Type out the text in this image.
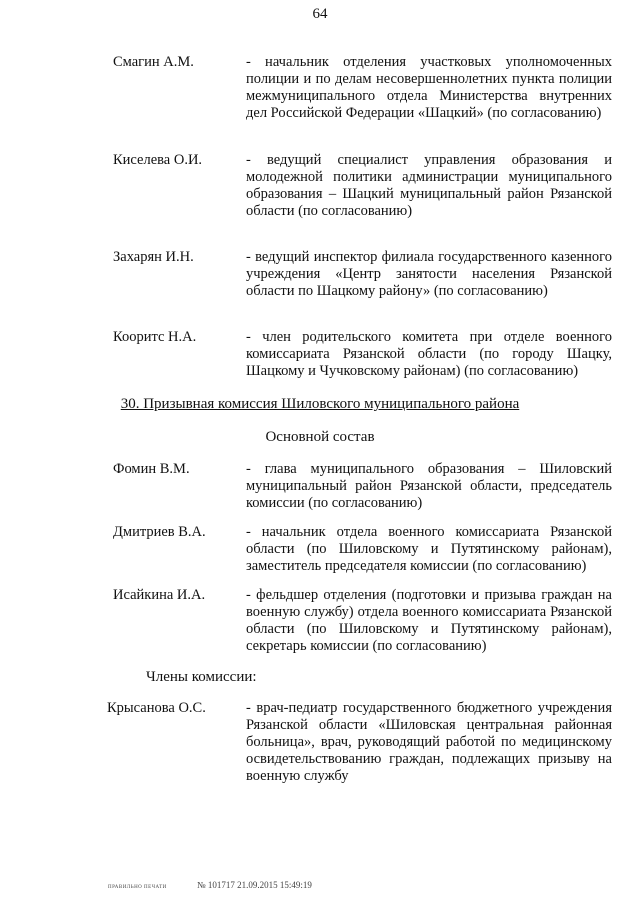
64
Смагин А.М.	- начальник отделения участковых уполномоченных полиции и по делам несовершеннолетних пункта полиции межмуниципального отдела Министерства внутренних дел Российской Федерации «Шацкий» (по согласованию)
Киселева О.И.	- ведущий специалист управления образования и молодежной политики администрации муниципального образования – Шацкий муниципальный район Рязанской области (по согласованию)
Захарян И.Н.	- ведущий инспектор филиала государственного казенного учреждения «Центр занятости населения Рязанской области по Шацкому району» (по согласованию)
Кооритс Н.А.	- член родительского комитета при отделе военного комиссариата Рязанской области (по городу Шацку, Шацкому и Чучковскому районам) (по согласованию)
30. Призывная комиссия Шиловского муниципального района
Основной состав
Фомин В.М.	- глава муниципального образования – Шиловский муниципальный район Рязанской области, председатель комиссии (по согласованию)
Дмитриев В.А.	- начальник отдела военного комиссариата Рязанской области (по Шиловскому и Путятинскому районам), заместитель председателя комиссии (по согласованию)
Исайкина И.А.	- фельдшер отделения (подготовки и призыва граждан на военную службу) отдела военного комиссариата Рязанской области (по Шиловскому и Путятинскому районам), секретарь комиссии (по согласованию)
Члены комиссии:
Крысанова О.С.	- врач-педиатр государственного бюджетного учреждения Рязанской области «Шиловская центральная районная больница», врач, руководящий работой по медицинскому освидетельствованию граждан, подлежащих призыву на военную службу
ПРАВИЛЬНО ПЕЧАТИ	№ 101717 21.09.2015 15:49:19
